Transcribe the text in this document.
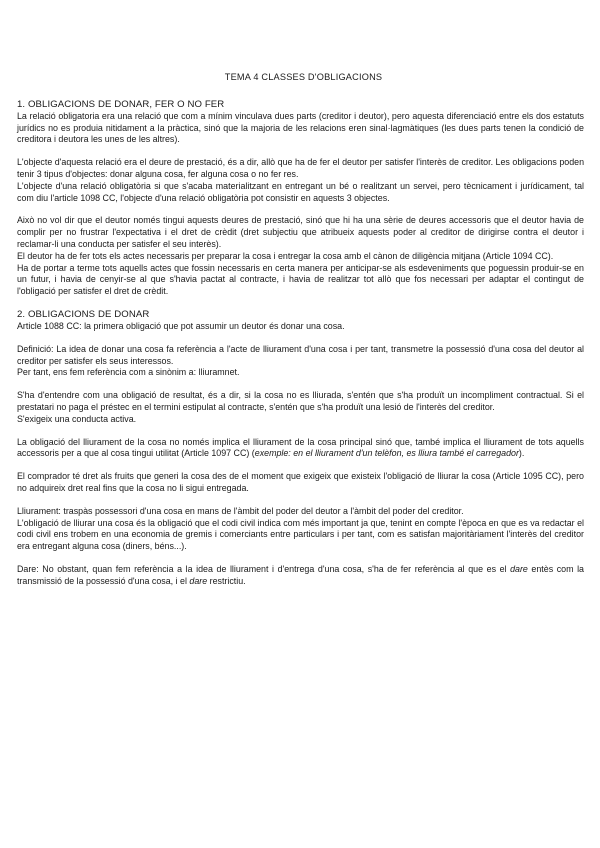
TEMA 4 CLASSES D'OBLIGACIONS
1. OBLIGACIONS DE DONAR, FER O NO FER

La relació obligatoria era una relació que com a mínim vinculava dues parts (creditor i deutor), pero aquesta diferenciació entre els dos estatuts jurídics no es produia nitidament a la pràctica, sinó que la majoria de les relacions eren sinal·lagmàtiques (les dues parts tenen la condició de creditora i deutora les unes de les altres).

L'objecte d'aquesta relació era el deure de prestació, és a dir, allò que ha de fer el deutor per satisfer l'interès de creditor. Les obligacions poden tenir 3 tipus d'objectes: donar alguna cosa, fer alguna cosa o no fer res.

L'objecte d'una relació obligatòria si que s'acaba materialitzant en entregant un bé o realitzant un servei, pero tècnicament i jurídicament, tal com diu l'article 1098 CC, l'objecte d'una relació obligatòria pot consistir en aquests 3 objectes.

Això no vol dir que el deutor només tingui aquests deures de prestació, sinó que hi ha una sèrie de deures accessoris que el deutor havia de complir per no frustrar l'expectativa i el dret de crèdit (dret subjectiu que atribueix aquests poder al creditor de dirigirse contra el deutor i reclamar-li una conducta per satisfer el seu interès).

El deutor ha de fer tots els actes necessaris per preparar la cosa i entregar la cosa amb el cànon de diligència mitjana (Article 1094 CC).

Ha de portar a terme tots aquells actes que fossin necessaris en certa manera per anticipar-se als esdeveniments que poguessin produir-se en un futur, i havia de cenyir-se al que s'havia pactat al contracte, i havia de realitzar tot allò que fos necessari per adaptar el contingut de l'obligació per satisfer el dret de crèdit.

2. OBLIGACIONS DE DONAR

Article 1088 CC: la primera obligació que pot assumir un deutor és donar una cosa.

Definició: La idea de donar una cosa fa referència a l'acte de lliurament d'una cosa i per tant, transmetre la possessió d'una cosa del deutor al creditor per satisfer els seus interessos.

Per tant, ens fem referència com a sinònim a: lliuramnet.

S'ha d'entendre com una obligació de resultat, és a dir, si la cosa no es lliurada, s'entén que s'ha produït un incompliment contractual. Si el prestatari no paga el préstec en el termini estipulat al contracte, s'entén que s'ha produït una lesió de l'interès del creditor.

S'exigeix una conducta activa.

La obligació del lliurament de la cosa no només implica el lliurament de la cosa principal sinó que, també implica el lliurament de tots aquells accessoris per a que al cosa tingui utilitat (Article 1097 CC) (exemple: en el lliurament d'un telèfon, es lliura també el carregador).

El comprador té dret als fruits que generi la cosa des de el moment que exigeix que existeix l'obligació de lliurar la cosa (Article 1095 CC), pero no adquireix dret real fins que la cosa no li sigui entregada.

Lliurament: traspàs possessori d'una cosa en mans de l'àmbit del poder del deutor a l'àmbit del poder del creditor.

L'obligació de lliurar una cosa és la obligació que el codi civil indica com més important ja que, tenint en compte l'època en que es va redactar el codi civil ens trobem en una economia de gremis i comerciants entre particulars i per tant, com es satisfan majoritàriament l'interès del creditor era entregant alguna cosa (diners, béns...).

Dare: No obstant, quan fem referència a la idea de lliurament i d'entrega d'una cosa, s'ha de fer referència al que es el dare entès com la transmissió de la possessió d'una cosa, i el dare restrictiu.
